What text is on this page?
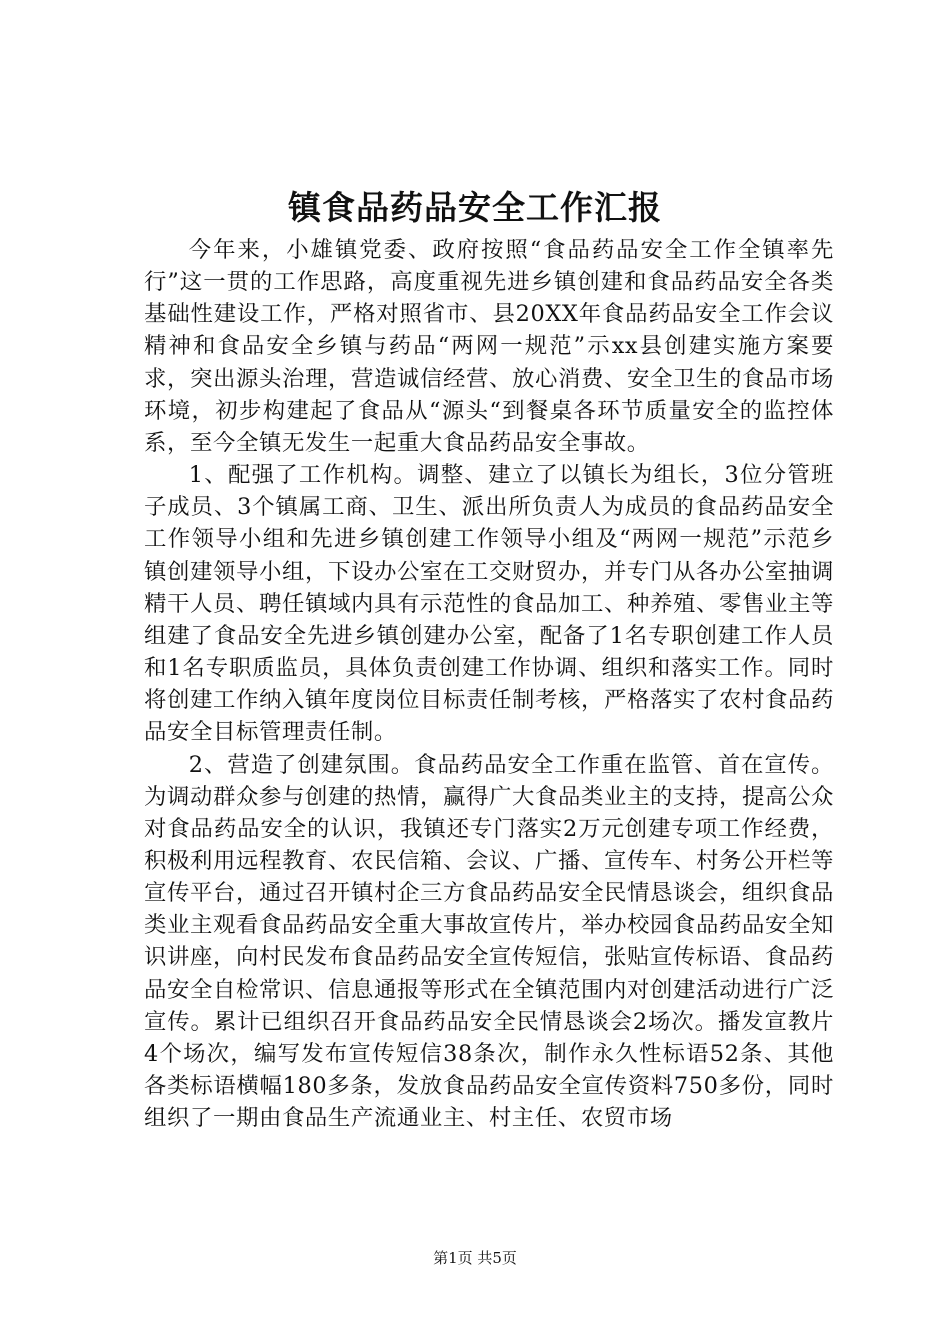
镇食品药品安全工作汇报

今年来，小雄镇党委、政府按照“食品药品安全工作全镇率先行”这一贯的工作思路，高度重视先进乡镇创建和食品药品安全各类基础性建设工作，严格对照省市、县20XX年食品药品安全工作会议精神和食品安全乡镇与药品“两网一规范”示xx县创建实施方案要求，突出源头治理，营造诚信经营、放心消费、安全卫生的食品市场环境，初步构建起了食品从“源头“到餐桌各环节质量安全的监控体系，至今全镇无发生一起重大食品药品安全事故。

1、配强了工作机构。调整、建立了以镇长为组长，3位分管班子成员、3个镇属工商、卫生、派出所负责人为成员的食品药品安全工作领导小组和先进乡镇创建工作领导小组及“两网一规范”示范乡镇创建领导小组，下设办公室在工交财贸办，并专门从各办公室抽调精干人员、聘任镇域内具有示范性的食品加工、种养殖、零售业主等组建了食品安全先进乡镇创建办公室，配备了1名专职创建工作人员和1名专职质监员，具体负责创建工作协调、组织和落实工作。同时将创建工作纳入镇年度岗位目标责任制考核，严格落实了农村食品药品安全目标管理责任制。

2、营造了创建氛围。食品药品安全工作重在监管、首在宣传。为调动群众参与创建的热情，赢得广大食品类业主的支持，提高公众对食品药品安全的认识，我镇还专门落实2万元创建专项工作经费，积极利用远程教育、农民信箱、会议、广播、宣传车、村务公开栏等宣传平台，通过召开镇村企三方食品药品安全民情恳谈会，组织食品类业主观看食品药品安全重大事故宣传片，举办校园食品药品安全知识讲座，向村民发布食品药品安全宣传短信，张贴宣传标语、食品药品安全自检常识、信息通报等形式在全镇范围内对创建活动进行广泛宣传。累计已组织召开食品药品安全民情恳谈会2场次。播发宣教片4个场次，编写发布宣传短信38条次，制作永久性标语52条、其他各类标语横幅180多条，发放食品药品安全宣传资料750多份，同时组织了一期由食品生产流通业主、村主任、农贸市场

第1页 共5页
